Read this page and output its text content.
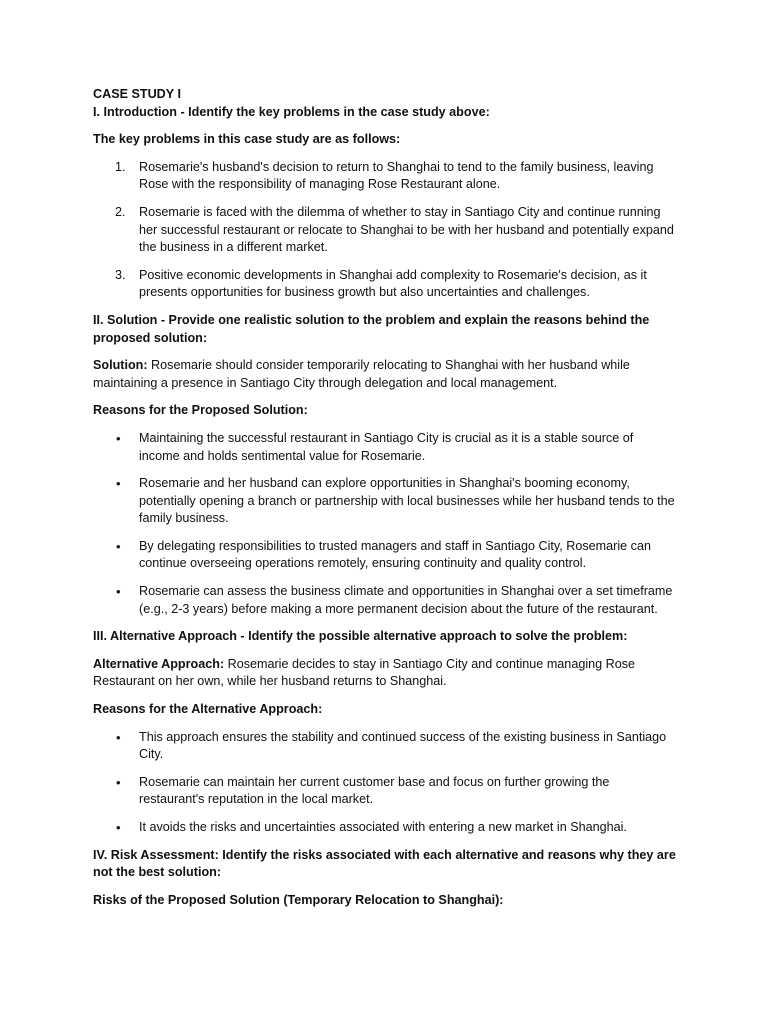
CASE STUDY I

I. Introduction - Identify the key problems in the case study above:

The key problems in this case study are as follows:

1.	Rosemarie's husband's decision to return to Shanghai to tend to the family business, leaving Rose with the responsibility of managing Rose Restaurant alone.
2.	Rosemarie is faced with the dilemma of whether to stay in Santiago City and continue running her successful restaurant or relocate to Shanghai to be with her husband and potentially expand the business in a different market.
3.	Positive economic developments in Shanghai add complexity to Rosemarie's decision, as it presents opportunities for business growth but also uncertainties and challenges.

II. Solution - Provide one realistic solution to the problem and explain the reasons behind the proposed solution:

Solution: Rosemarie should consider temporarily relocating to Shanghai with her husband while maintaining a presence in Santiago City through delegation and local management.

Reasons for the Proposed Solution:

•	Maintaining the successful restaurant in Santiago City is crucial as it is a stable source of income and holds sentimental value for Rosemarie.
•	Rosemarie and her husband can explore opportunities in Shanghai's booming economy, potentially opening a branch or partnership with local businesses while her husband tends to the family business.
•	By delegating responsibilities to trusted managers and staff in Santiago City, Rosemarie can continue overseeing operations remotely, ensuring continuity and quality control.
•	Rosemarie can assess the business climate and opportunities in Shanghai over a set timeframe (e.g., 2-3 years) before making a more permanent decision about the future of the restaurant.

III. Alternative Approach - Identify the possible alternative approach to solve the problem:

Alternative Approach: Rosemarie decides to stay in Santiago City and continue managing Rose Restaurant on her own, while her husband returns to Shanghai.

Reasons for the Alternative Approach:

•	This approach ensures the stability and continued success of the existing business in Santiago City.
•	Rosemarie can maintain her current customer base and focus on further growing the restaurant's reputation in the local market.
•	It avoids the risks and uncertainties associated with entering a new market in Shanghai.

IV. Risk Assessment: Identify the risks associated with each alternative and reasons why they are not the best solution:

Risks of the Proposed Solution (Temporary Relocation to Shanghai):
